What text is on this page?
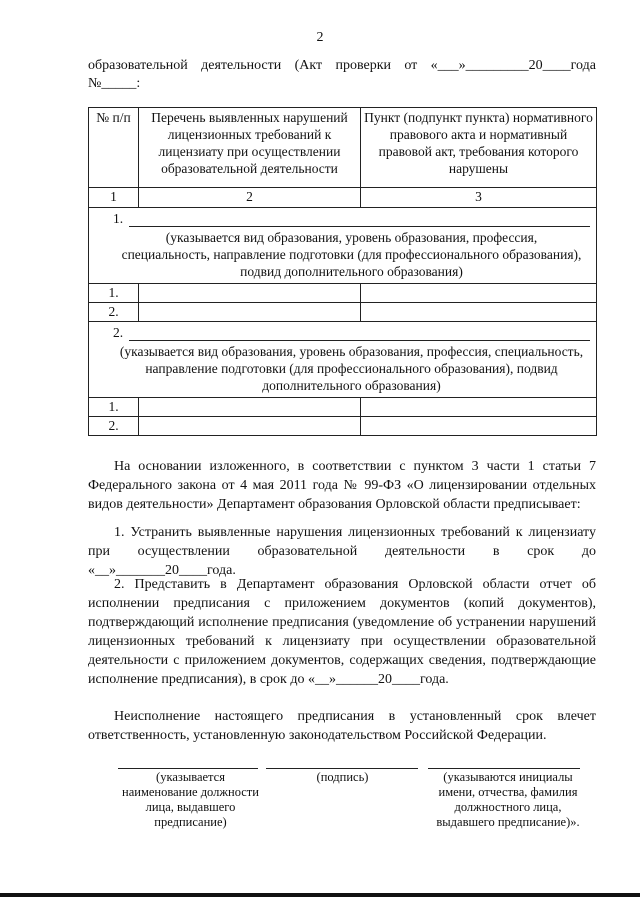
2
образовательной деятельности (Акт проверки от «___»_________20____года
№_____:
№ п/п	Перечень выявленных нарушений лицензионных требований к лицензиату при осуществлении образовательной деятельности	Пункт (подпункт пункта) нормативного правового акта и нормативный правовой акт, требования которого нарушены
1	2	3

1.
(указывается вид образования, уровень образования, профессия, специальность, направление подготовки (для профессионального образования), подвид дополнительного образования)		

1.		
2.		

2.
(указывается вид образования, уровень образования, профессия, специальность, направление подготовки (для профессионального образования), подвид дополнительного образования)		

1.		
2.		
На основании изложенного, в соответствии с пунктом 3 части 1 статьи 7 Федерального закона от 4 мая 2011 года № 99-ФЗ «О лицензировании отдельных видов деятельности» Департамент образования Орловской области предписывает:
1. Устранить выявленные нарушения лицензионных требований к лицензиату при осуществлении образовательной деятельности в срок до «__»_______20____года.
2. Представить в Департамент образования Орловской области отчет об исполнении предписания с приложением документов (копий документов), подтверждающий исполнение предписания (уведомление об устранении нарушений лицензионных требований к лицензиату при осуществлении образовательной деятельности с приложением документов, содержащих сведения, подтверждающие исполнение предписания), в срок до «__»______20____года.
Неисполнение настоящего предписания в установленный срок влечет ответственность, установленную законодательством Российской Федерации.
(указывается наименование должности лица, выдавшего предписание)
(подпись)	(указываются инициалы имени, отчества, фамилия должностного лица, выдавшего предписание)».
